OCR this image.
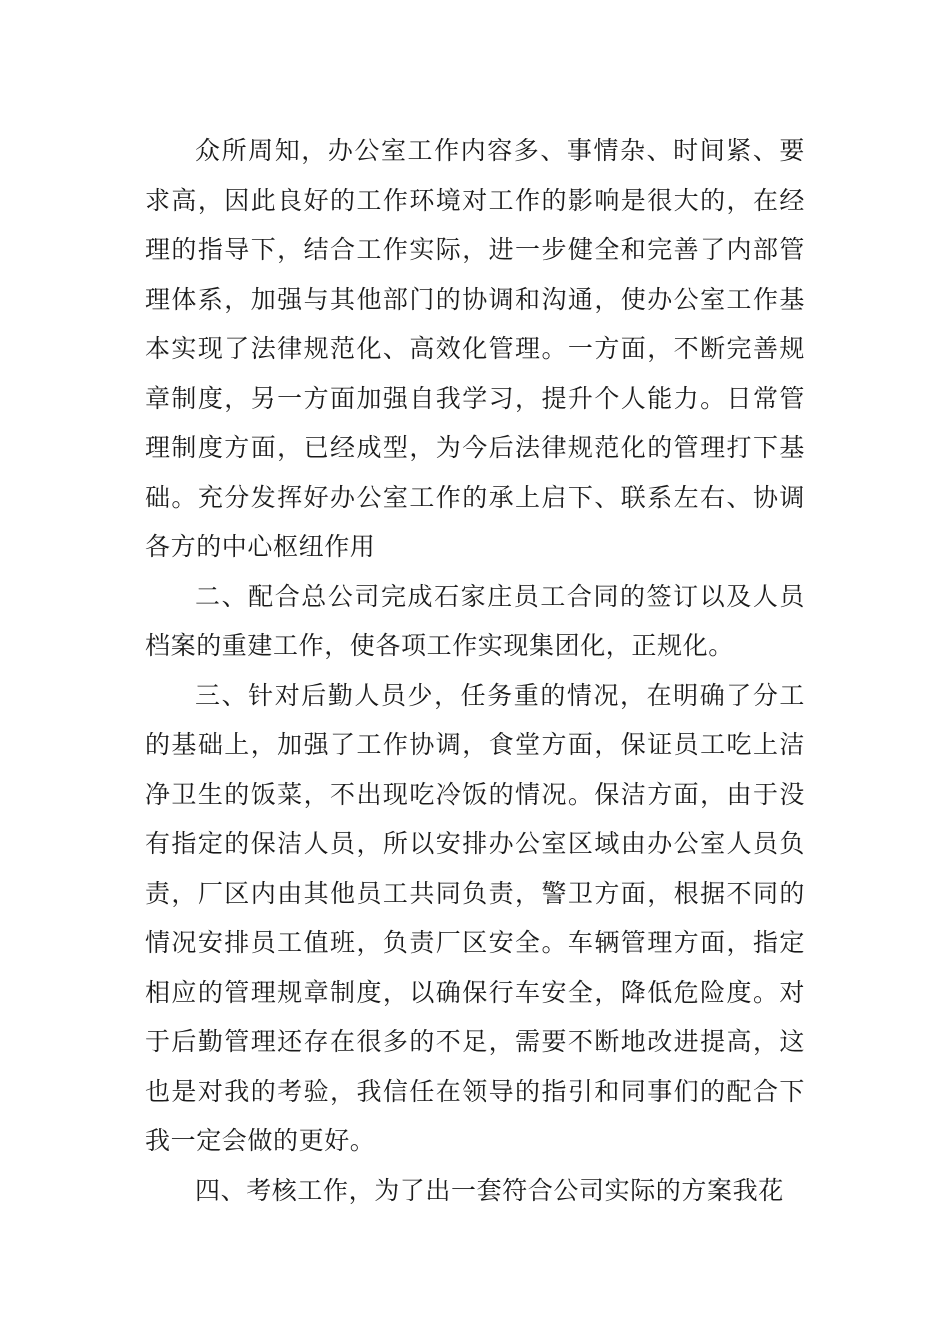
众所周知，办公室工作内容多、事情杂、时间紧、要求高，因此良好的工作环境对工作的影响是很大的，在经理的指导下，结合工作实际，进一步健全和完善了内部管理体系，加强与其他部门的协调和沟通，使办公室工作基本实现了法律规范化、高效化管理。一方面，不断完善规章制度，另一方面加强自我学习，提升个人能力。日常管理制度方面，已经成型，为今后法律规范化的管理打下基础。充分发挥好办公室工作的承上启下、联系左右、协调各方的中心枢纽作用

二、配合总公司完成石家庄员工合同的签订以及人员档案的重建工作，使各项工作实现集团化，正规化。

三、针对后勤人员少，任务重的情况，在明确了分工的基础上，加强了工作协调，食堂方面，保证员工吃上洁净卫生的饭菜，不出现吃冷饭的情况。保洁方面，由于没有指定的保洁人员，所以安排办公室区域由办公室人员负责，厂区内由其他员工共同负责，警卫方面，根据不同的情况安排员工值班，负责厂区安全。车辆管理方面，指定相应的管理规章制度，以确保行车安全，降低危险度。对于后勤管理还存在很多的不足，需要不断地改进提高，这也是对我的考验，我信任在领导的指引和同事们的配合下我一定会做的更好。

四、考核工作，为了出一套符合公司实际的方案我花
